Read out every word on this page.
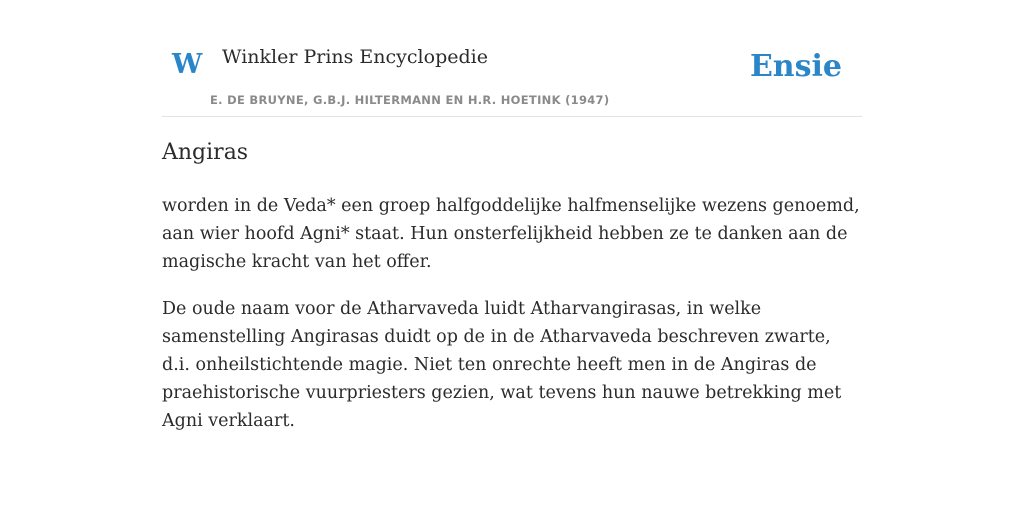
W Winkler Prins Encyclopedie
E. DE BRUYNE, G.B.J. HILTERMANN EN H.R. HOETINK (1947)
Ensie
Angiras

worden in de Veda* een groep halfgoddelijke halfmenselijke wezens genoemd, aan wier hoofd Agni* staat. Hun onsterfelijkheid hebben ze te danken aan de magische kracht van het offer.

De oude naam voor de Atharvaveda luidt Atharvangirasas, in welke samenstelling Angirasas duidt op de in de Atharvaveda beschreven zwarte, d.i. onheilstichtende magie. Niet ten onrechte heeft men in de Angiras de praehistorische vuurpriesters gezien, wat tevens hun nauwe betrekking met Agni verklaart.
